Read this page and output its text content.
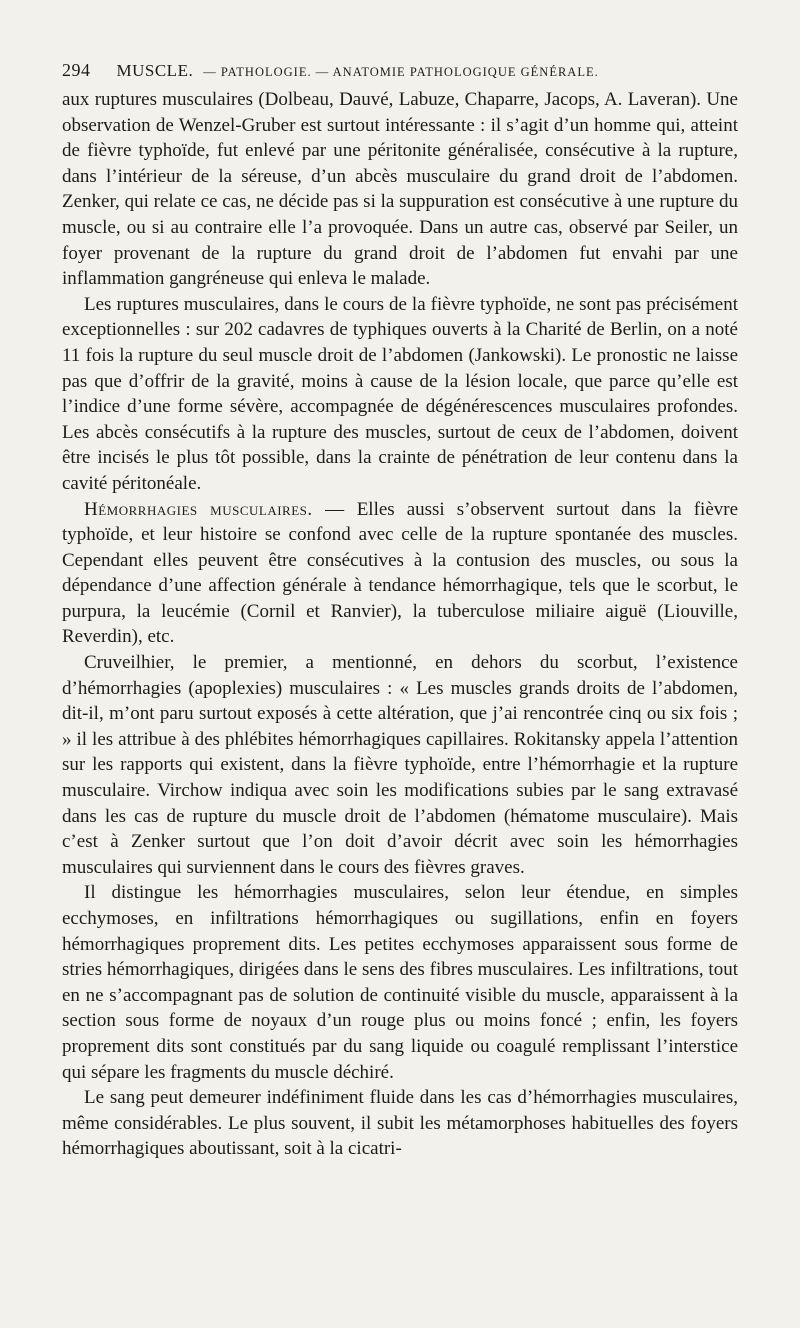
294 MUSCLE. — PATHOLOGIE. — ANATOMIE PATHOLOGIQUE GÉNÉRALE.

aux ruptures musculaires (Dolbeau, Dauvé, Labuze, Chaparre, Jacops, A. Laveran). Une observation de Wenzel-Gruber est surtout intéressante : il s’agit d’un homme qui, atteint de fièvre typhoïde, fut enlevé par une péritonite généralisée, consécutive à la rupture, dans l’intérieur de la séreuse, d’un abcès musculaire du grand droit de l’abdomen. Zenker, qui relate ce cas, ne décide pas si la suppuration est consécutive à une rupture du muscle, ou si au contraire elle l’a provoquée. Dans un autre cas, observé par Seiler, un foyer provenant de la rupture du grand droit de l’abdomen fut envahi par une inflammation gangréneuse qui enleva le malade.

Les ruptures musculaires, dans le cours de la fièvre typhoïde, ne sont pas précisément exceptionnelles : sur 202 cadavres de typhiques ouverts à la Charité de Berlin, on a noté 11 fois la rupture du seul muscle droit de l’abdomen (Jankowski). Le pronostic ne laisse pas que d’offrir de la gravité, moins à cause de la lésion locale, que parce qu’elle est l’indice d’une forme sévère, accompagnée de dégénérescences musculaires profondes. Les abcès consécutifs à la rupture des muscles, surtout de ceux de l’abdomen, doivent être incisés le plus tôt possible, dans la crainte de pénétration de leur contenu dans la cavité péritonéale.

Hémorrhagies musculaires. — Elles aussi s’observent surtout dans la fièvre typhoïde, et leur histoire se confond avec celle de la rupture spontanée des muscles. Cependant elles peuvent être consécutives à la contusion des muscles, ou sous la dépendance d’une affection générale à tendance hémorrhagique, tels que le scorbut, le purpura, la leucémie (Cornil et Ranvier), la tuberculose miliaire aiguë (Liouville, Reverdin), etc.

Cruveilhier, le premier, a mentionné, en dehors du scorbut, l’existence d’hémorrhagies (apoplexies) musculaires : « Les muscles grands droits de l’abdomen, dit-il, m’ont paru surtout exposés à cette altération, que j’ai rencontrée cinq ou six fois ; » il les attribue à des phlébites hémorrhagiques capillaires. Rokitansky appela l’attention sur les rapports qui existent, dans la fièvre typhoïde, entre l’hémorrhagie et la rupture musculaire. Virchow indiqua avec soin les modifications subies par le sang extravasé dans les cas de rupture du muscle droit de l’abdomen (hématome musculaire). Mais c’est à Zenker surtout que l’on doit d’avoir décrit avec soin les hémorrhagies musculaires qui surviennent dans le cours des fièvres graves.

Il distingue les hémorrhagies musculaires, selon leur étendue, en simples ecchymoses, en infiltrations hémorrhagiques ou sugillations, enfin en foyers hémorrhagiques proprement dits. Les petites ecchymoses apparaissent sous forme de stries hémorrhagiques, dirigées dans le sens des fibres musculaires. Les infiltrations, tout en ne s’accompagnant pas de solution de continuité visible du muscle, apparaissent à la section sous forme de noyaux d’un rouge plus ou moins foncé ; enfin, les foyers proprement dits sont constitués par du sang liquide ou coagulé remplissant l’interstice qui sépare les fragments du muscle déchiré.

Le sang peut demeurer indéfiniment fluide dans les cas d’hémorrhagies musculaires, même considérables. Le plus souvent, il subit les métamorphoses habituelles des foyers hémorrhagiques aboutissant, soit à la cicatri-
